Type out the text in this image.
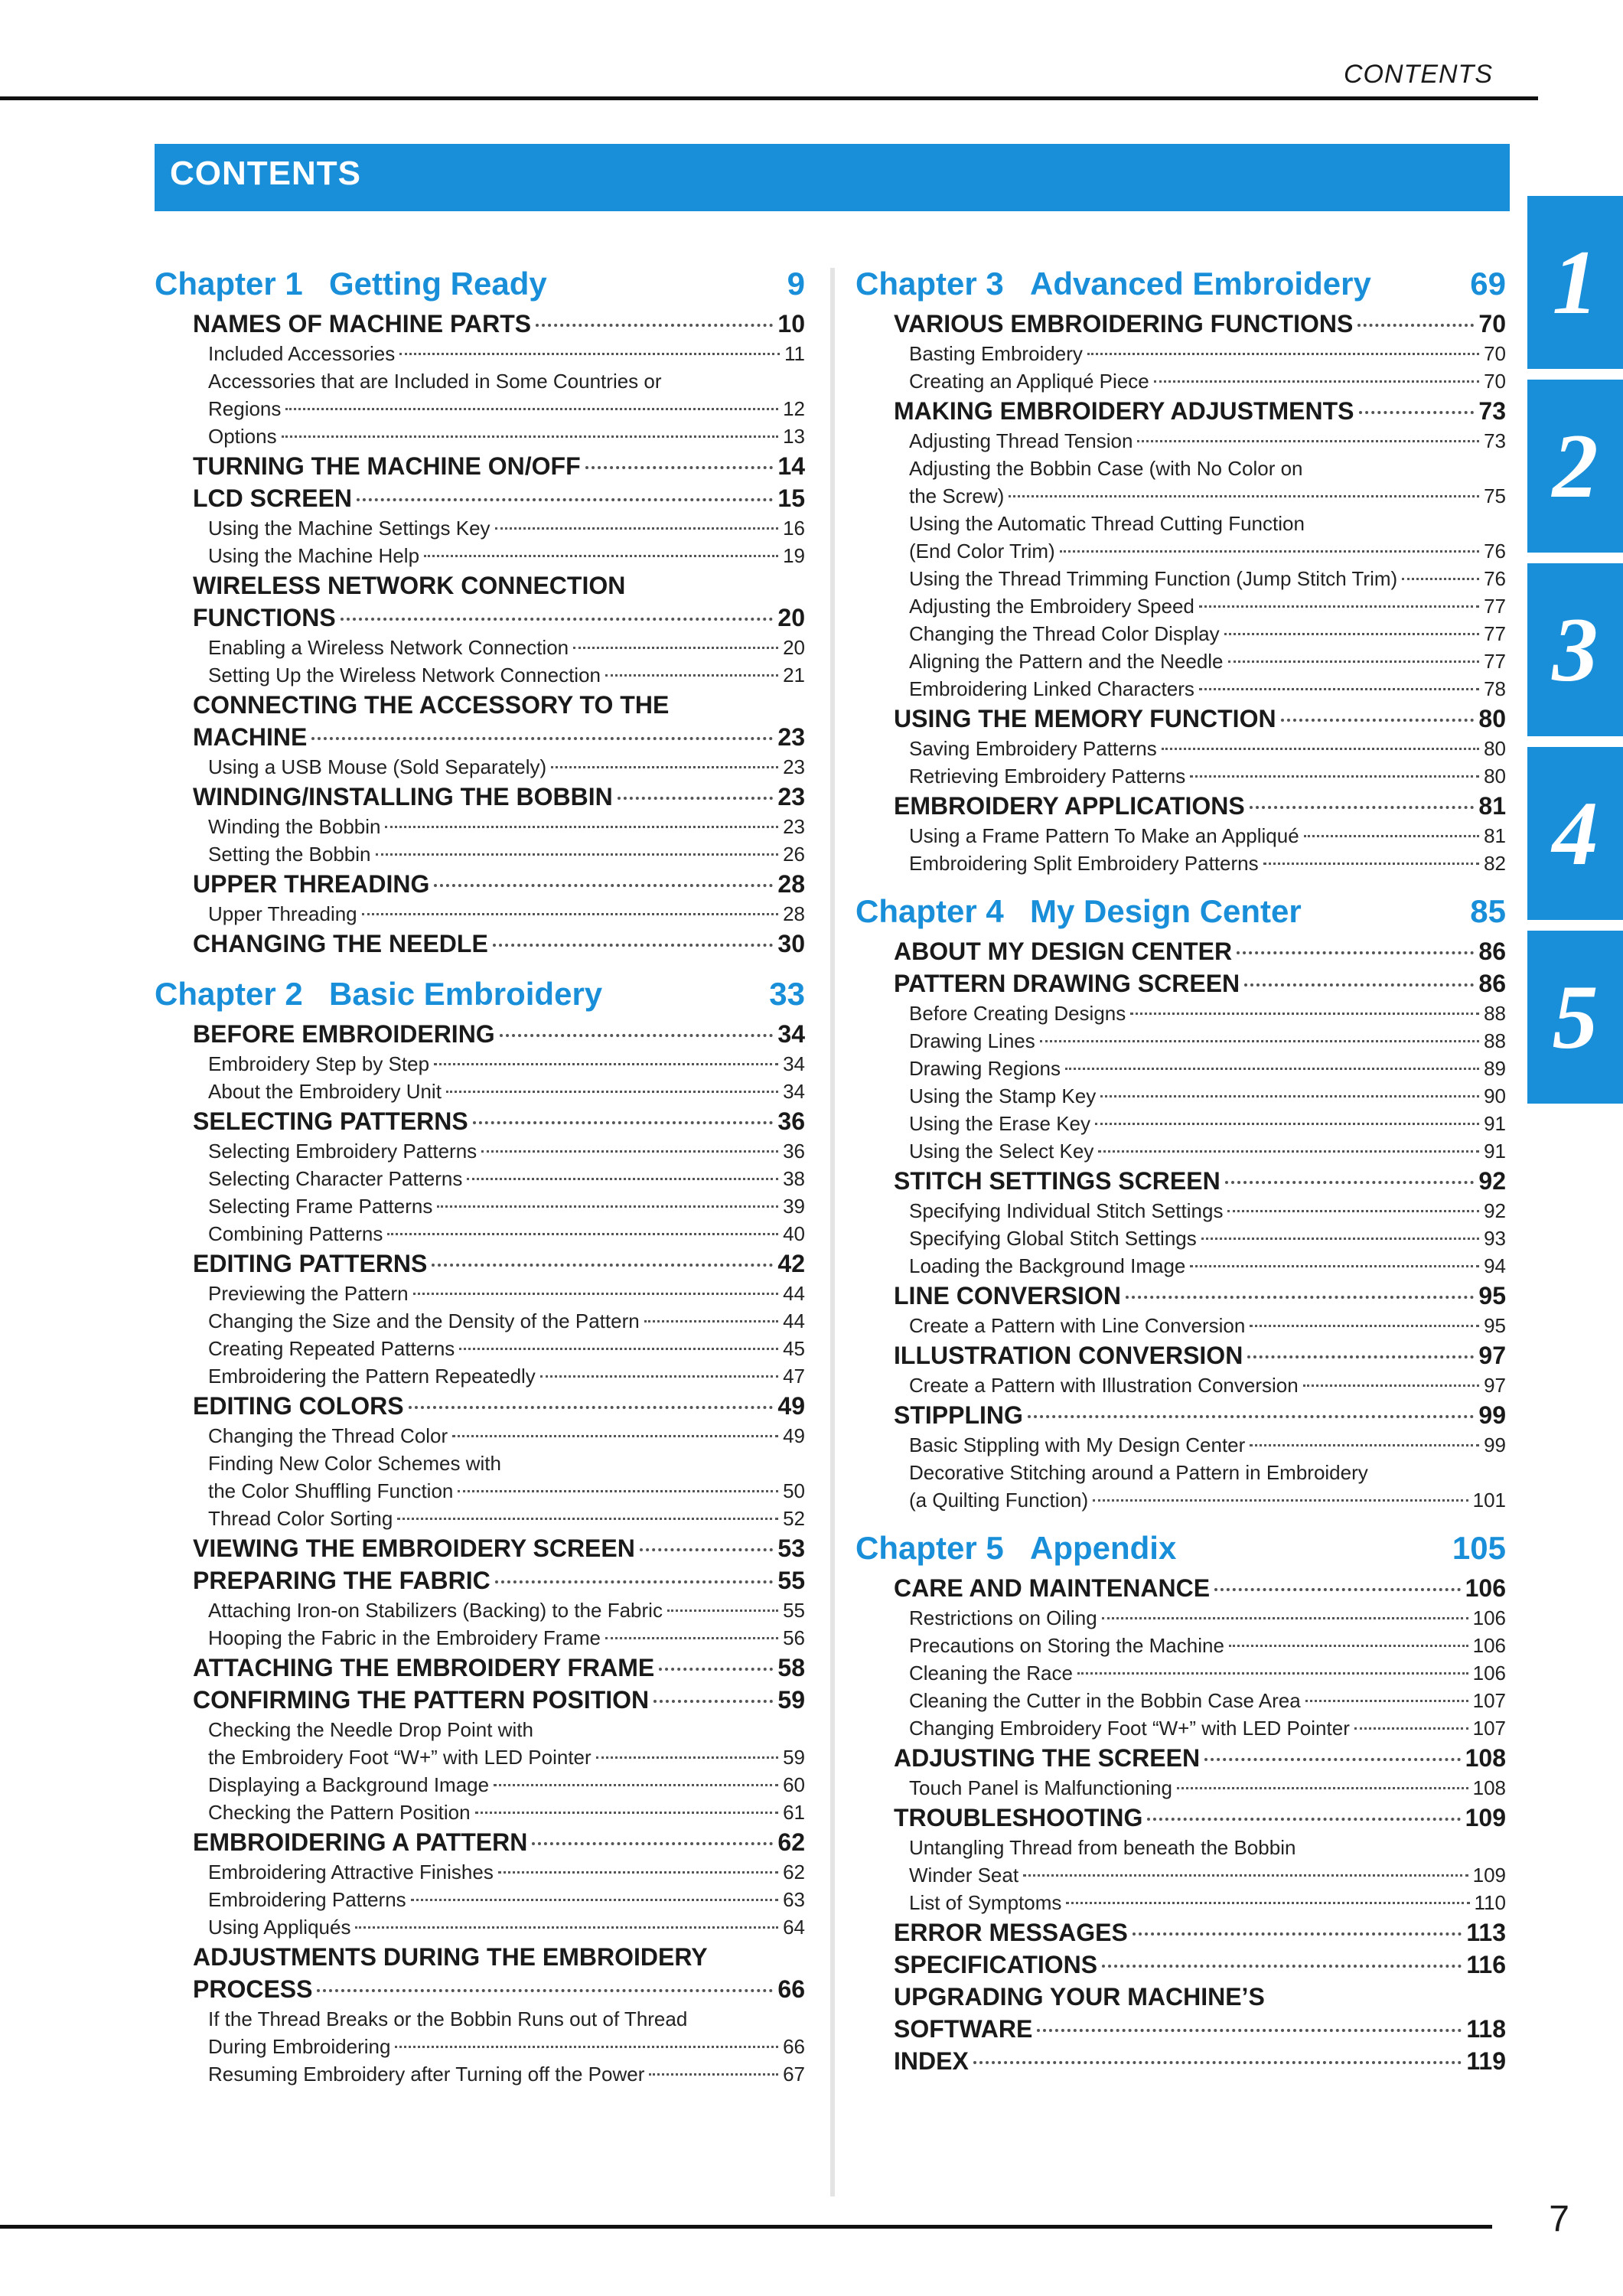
CONTENTS
CONTENTS
Chapter 1 Getting Ready	9
NAMES OF MACHINE PARTS	10
Included Accessories	11
Accessories that are Included in Some Countries or
Regions	12
Options	13
TURNING THE MACHINE ON/OFF	14
LCD SCREEN	15
Using the Machine Settings Key	16
Using the Machine Help	19
WIRELESS NETWORK CONNECTION
FUNCTIONS	20
Enabling a Wireless Network Connection	20
Setting Up the Wireless Network Connection	21
CONNECTING THE ACCESSORY TO THE
MACHINE	23
Using a USB Mouse (Sold Separately)	23
WINDING/INSTALLING THE BOBBIN	23
Winding the Bobbin	23
Setting the Bobbin	26
UPPER THREADING	28
Upper Threading	28
CHANGING THE NEEDLE	30
Chapter 2 Basic Embroidery	33
BEFORE EMBROIDERING	34
Embroidery Step by Step	34
About the Embroidery Unit	34
SELECTING PATTERNS	36
Selecting Embroidery Patterns	36
Selecting Character Patterns	38
Selecting Frame Patterns	39
Combining Patterns	40
EDITING PATTERNS	42
Previewing the Pattern	44
Changing the Size and the Density of the Pattern	44
Creating Repeated Patterns	45
Embroidering the Pattern Repeatedly	47
EDITING COLORS	49
Changing the Thread Color	49
Finding New Color Schemes with
the Color Shuffling Function	50
Thread Color Sorting	52
VIEWING THE EMBROIDERY SCREEN	53
PREPARING THE FABRIC	55
Attaching Iron-on Stabilizers (Backing) to the Fabric	55
Hooping the Fabric in the Embroidery Frame	56
ATTACHING THE EMBROIDERY FRAME	58
CONFIRMING THE PATTERN POSITION	59
Checking the Needle Drop Point with
the Embroidery Foot “W+” with LED Pointer	59
Displaying a Background Image	60
Checking the Pattern Position	61
EMBROIDERING A PATTERN	62
Embroidering Attractive Finishes	62
Embroidering Patterns	63
Using Appliqués	64
ADJUSTMENTS DURING THE EMBROIDERY
PROCESS	66
If the Thread Breaks or the Bobbin Runs out of Thread
During Embroidering	66
Resuming Embroidery after Turning off the Power	67
Chapter 3 Advanced Embroidery	69
VARIOUS EMBROIDERING FUNCTIONS	70
Basting Embroidery	70
Creating an Appliqué Piece	70
MAKING EMBROIDERY ADJUSTMENTS	73
Adjusting Thread Tension	73
Adjusting the Bobbin Case (with No Color on
the Screw)	75
Using the Automatic Thread Cutting Function
(End Color Trim)	76
Using the Thread Trimming Function (Jump Stitch Trim)	76
Adjusting the Embroidery Speed	77
Changing the Thread Color Display	77
Aligning the Pattern and the Needle	77
Embroidering Linked Characters	78
USING THE MEMORY FUNCTION	80
Saving Embroidery Patterns	80
Retrieving Embroidery Patterns	80
EMBROIDERY APPLICATIONS	81
Using a Frame Pattern To Make an Appliqué	81
Embroidering Split Embroidery Patterns	82
Chapter 4 My Design Center	85
ABOUT MY DESIGN CENTER	86
PATTERN DRAWING SCREEN	86
Before Creating Designs	88
Drawing Lines	88
Drawing Regions	89
Using the Stamp Key	90
Using the Erase Key	91
Using the Select Key	91
STITCH SETTINGS SCREEN	92
Specifying Individual Stitch Settings	92
Specifying Global Stitch Settings	93
Loading the Background Image	94
LINE CONVERSION	95
Create a Pattern with Line Conversion	95
ILLUSTRATION CONVERSION	97
Create a Pattern with Illustration Conversion	97
STIPPLING	99
Basic Stippling with My Design Center	99
Decorative Stitching around a Pattern in Embroidery
(a Quilting Function)	101
Chapter 5 Appendix	105
CARE AND MAINTENANCE	106
Restrictions on Oiling	106
Precautions on Storing the Machine	106
Cleaning the Race	106
Cleaning the Cutter in the Bobbin Case Area	107
Changing Embroidery Foot “W+” with LED Pointer	107
ADJUSTING THE SCREEN	108
Touch Panel is Malfunctioning	108
TROUBLESHOOTING	109
Untangling Thread from beneath the Bobbin
Winder Seat	109
List of Symptoms	110
ERROR MESSAGES	113
SPECIFICATIONS	116
UPGRADING YOUR MACHINE’S
SOFTWARE	118
INDEX	119
1
2
3
4
5
7
